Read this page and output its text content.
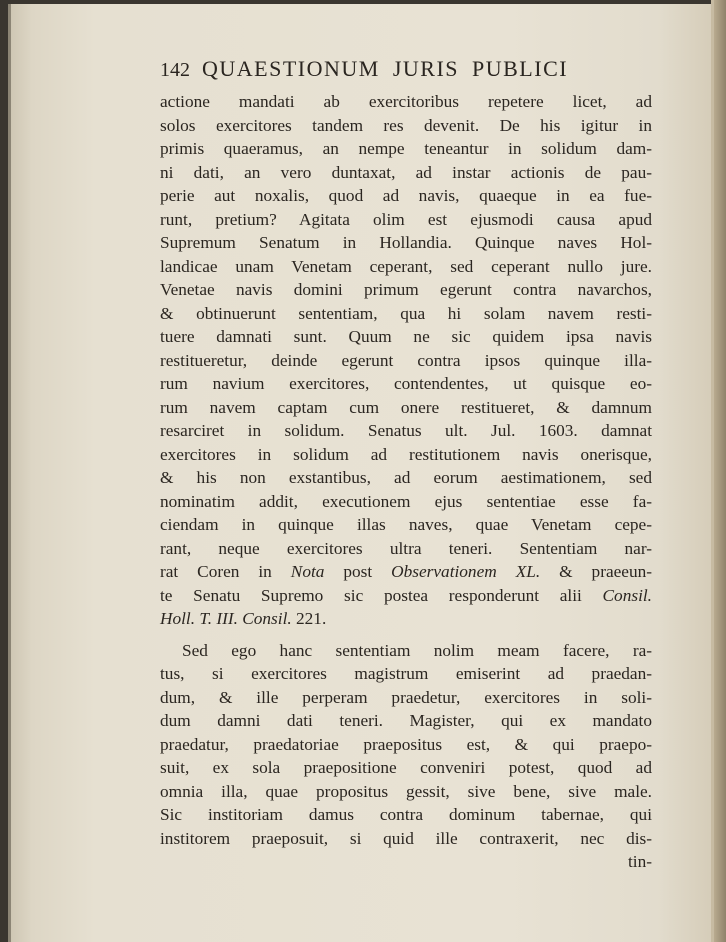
142 QUAESTIONUM JURIS PUBLICI
actione mandati ab exercitoribus repetere licet, ad
solos exercitores tandem res devenit. De his igitur in
primis quaeramus, an nempe teneantur in solidum dam-
ni dati, an vero duntaxat, ad instar actionis de pau-
perie aut noxalis, quod ad navis, quaeque in ea fue-
runt, pretium? Agitata olim est ejusmodi causa apud
Supremum Senatum in Hollandia. Quinque naves Hol-
landicae unam Venetam ceperant, sed ceperant nullo jure.
Venetae navis domini primum egerunt contra navarchos,
& obtinuerunt sententiam, qua hi solam navem resti-
tuere damnati sunt. Quum ne sic quidem ipsa navis
restitueretur, deinde egerunt contra ipsos quinque illa-
rum navium exercitores, contendentes, ut quisque eo-
rum navem captam cum onere restitueret, & damnum
resarciret in solidum. Senatus ult. Jul. 1603. damnat
exercitores in solidum ad restitutionem navis onerisque,
& his non exstantibus, ad eorum aestimationem, sed
nominatim addit, executionem ejus sententiae esse fa-
ciendam in quinque illas naves, quae Venetam cepe-
rant, neque exercitores ultra teneri. Sententiam nar-
rat Coren in Nota post Observationem XL. & praeeun-
te Senatu Supremo sic postea responderunt alii Consil.
Holl. T. III. Consil. 221.
Sed ego hanc sententiam nolim meam facere, ra-
tus, si exercitores magistrum emiserint ad praedan-
dum, & ille perperam praedetur, exercitores in soli-
dum damni dati teneri. Magister, qui ex mandato
praedatur, praedatoriae praepositus est, & qui praepo-
suit, ex sola praepositione conveniri potest, quod ad
omnia illa, quae propositus gessit, sive bene, sive male.
Sic institoriam damus contra dominum tabernae, qui
institorem praeposuit, si quid ille contraxerit, nec dis-
tin-
